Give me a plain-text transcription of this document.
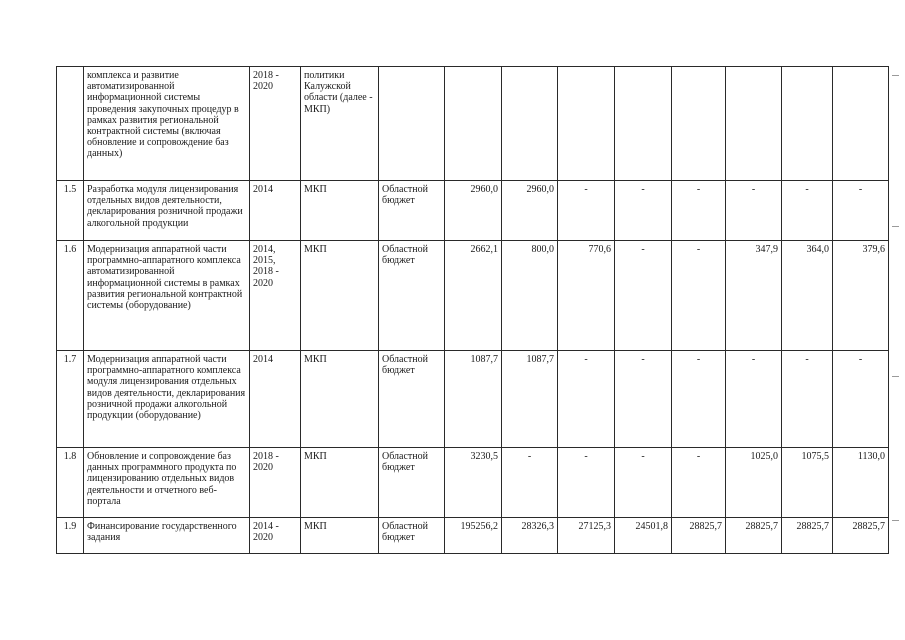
	комплекса и развитие автоматизированной информационной системы проведения закупочных процедур в рамках развития региональной контрактной системы (включая обновление и сопровождение баз данных)	2018 - 2020	политики Калужской области (далее - МКП)									
1.5	Разработка модуля лицензирования отдельных видов деятельности, декларирования розничной продажи алкогольной продукции	2014	МКП	Областной бюджет	2960,0	2960,0	-	-	-	-	-	-
1.6	Модернизация аппаратной части программно-аппаратного комплекса автоматизированной информационной системы в рамках развития региональной контрактной системы (оборудование)	2014, 2015, 2018 - 2020	МКП	Областной бюджет	2662,1	800,0	770,6	-	-	347,9	364,0	379,6
1.7	Модернизация аппаратной части программно-аппаратного комплекса модуля лицензирования отдельных видов деятельности, декларирования розничной продажи алкогольной продукции (оборудование)	2014	МКП	Областной бюджет	1087,7	1087,7	-	-	-	-	-	-
1.8	Обновление и сопровождение баз данных программного продукта по лицензированию отдельных видов деятельности и отчетного веб-портала	2018 - 2020	МКП	Областной бюджет	3230,5	-	-	-	-	1025,0	1075,5	1130,0
1.9	Финансирование государственного задания	2014 - 2020	МКП	Областной бюджет	195256,2	28326,3	27125,3	24501,8	28825,7	28825,7	28825,7	28825,7
